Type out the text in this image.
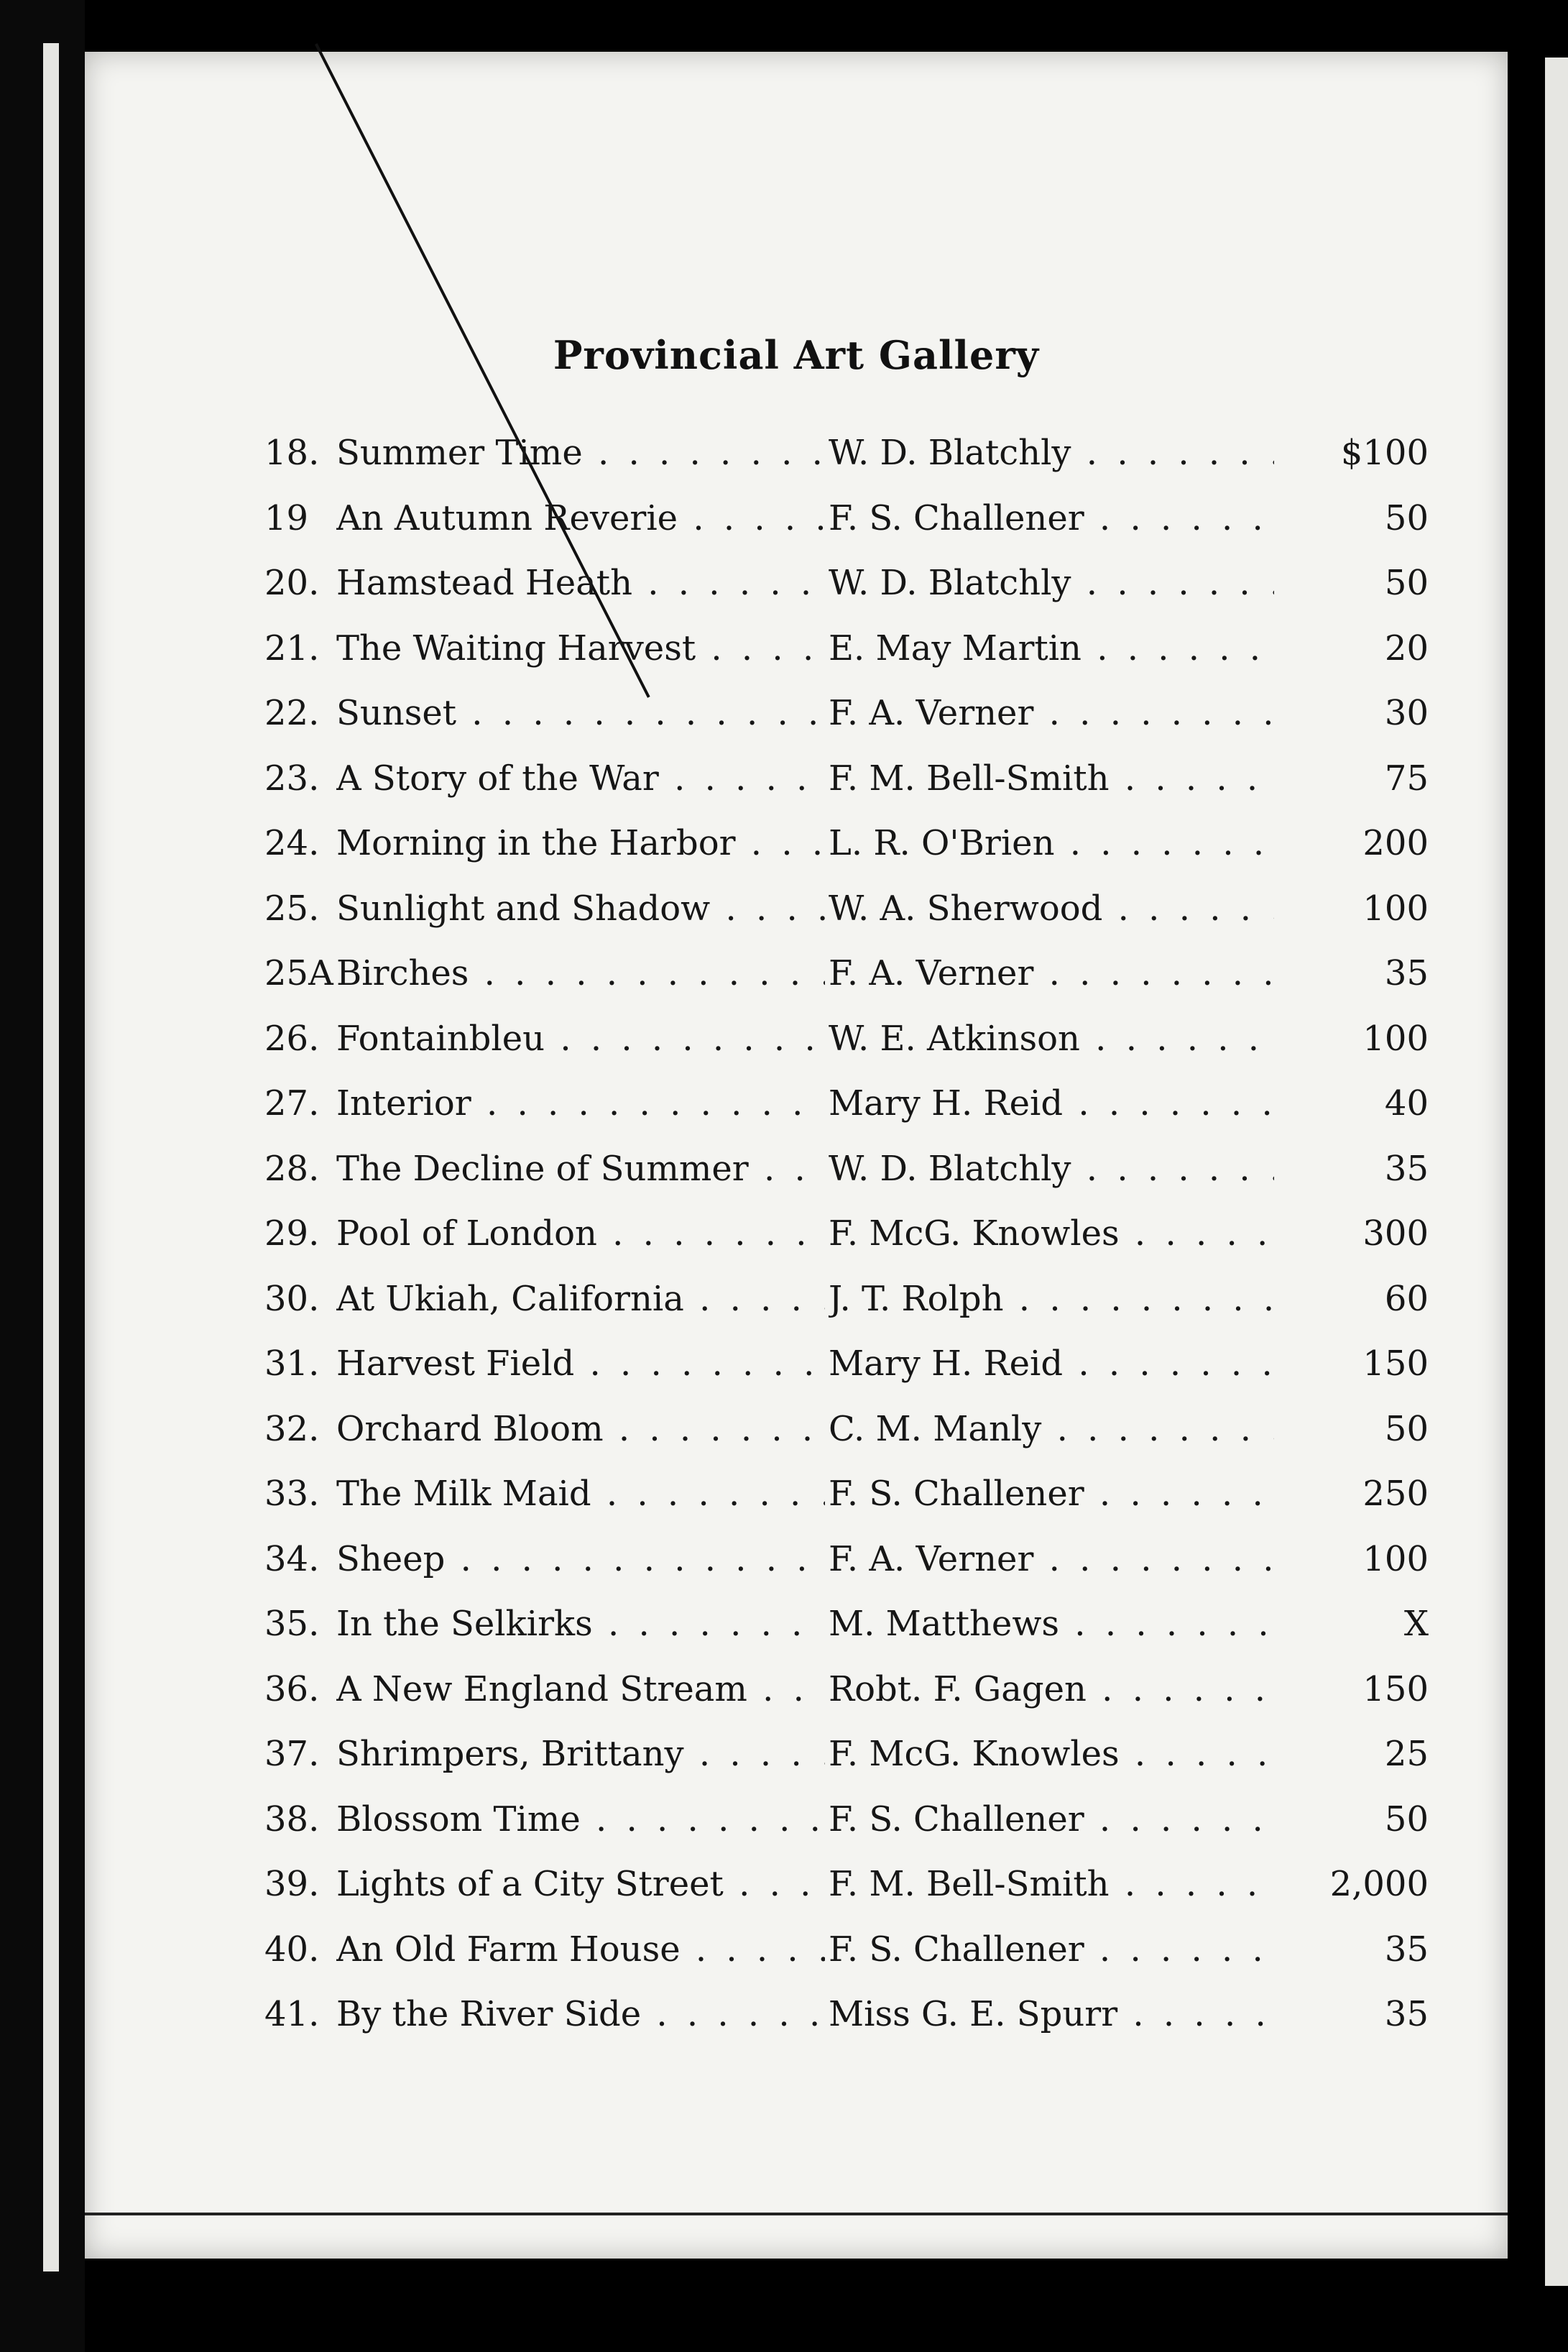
Provincial Art Gallery
18. Summer Time . . .	W. D. Blatchly . . .	$100
19 An Autumn Reverie . . .	F. S. Challener . . .	50
20. Hamstead Heath . . .	W. D. Blatchly . . .	50
21. The Waiting Harvest . . .	E. May Martin . . .	20
22. Sunset . . .	F. A. Verner . . .	30
23. A Story of the War . . .	F. M. Bell-Smith . . .	75
24. Morning in the Harbor . . .	L. R. O'Brien . . .	200
25. Sunlight and Shadow . . .	W. A. Sherwood . . .	100
25A Birches . . .	F. A. Verner . . .	35
26. Fontainbleu . . .	W. E. Atkinson . . .	100
27. Interior . . .	Mary H. Reid . . .	40
28. The Decline of Summer . . .	W. D. Blatchly . . .	35
29. Pool of London . . .	F. McG. Knowles . . .	300
30. At Ukiah, California . . .	J. T. Rolph . . .	60
31. Harvest Field . . .	Mary H. Reid . . .	150
32. Orchard Bloom . . .	C. M. Manly . . .	50
33. The Milk Maid . . .	F. S. Challener . . .	250
34. Sheep . . .	F. A. Verner . . .	100
35. In the Selkirks . . .	M. Matthews . . .	X
36. A New England Stream . . .	Robt. F. Gagen . . .	150
37. Shrimpers, Brittany . . .	F. McG. Knowles . . .	25
38. Blossom Time . . .	F. S. Challener . . .	50
39. Lights of a City Street . . .	F. M. Bell-Smith . . .	2,000
40. An Old Farm House . . .	F. S. Challener . . .	35
41. By the River Side . . .	Miss G. E. Spurr . . .	35
